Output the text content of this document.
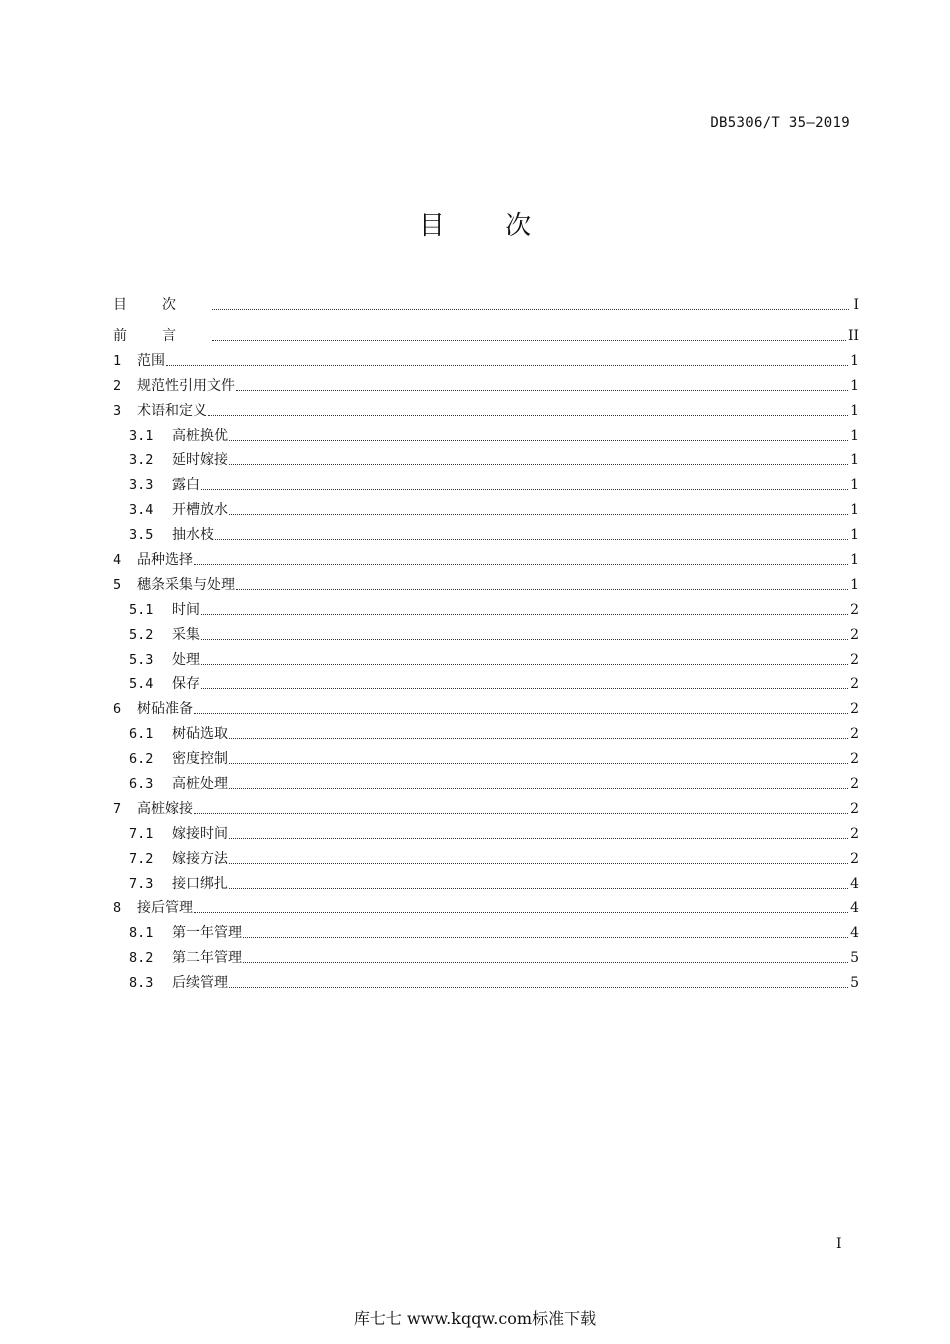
DB5306/T 35—2019
目 次
目	次	I
前	言	II
1	范围	1
2	规范性引用文件	1
3	术语和定义	1
3.1	高桩换优	1
3.2	延时嫁接	1
3.3	露白	1
3.4	开槽放水	1
3.5	抽水枝	1
4	品种选择	1
5	穗条采集与处理	1
5.1	时间	2
5.2	采集	2
5.3	处理	2
5.4	保存	2
6	树砧准备	2
6.1	树砧选取	2
6.2	密度控制	2
6.3	高桩处理	2
7	高桩嫁接	2
7.1	嫁接时间	2
7.2	嫁接方法	2
7.3	接口绑扎	4
8	接后管理	4
8.1	第一年管理	4
8.2	第二年管理	5
8.3	后续管理	5
I
库七七 www.kqqw.com标准下载
